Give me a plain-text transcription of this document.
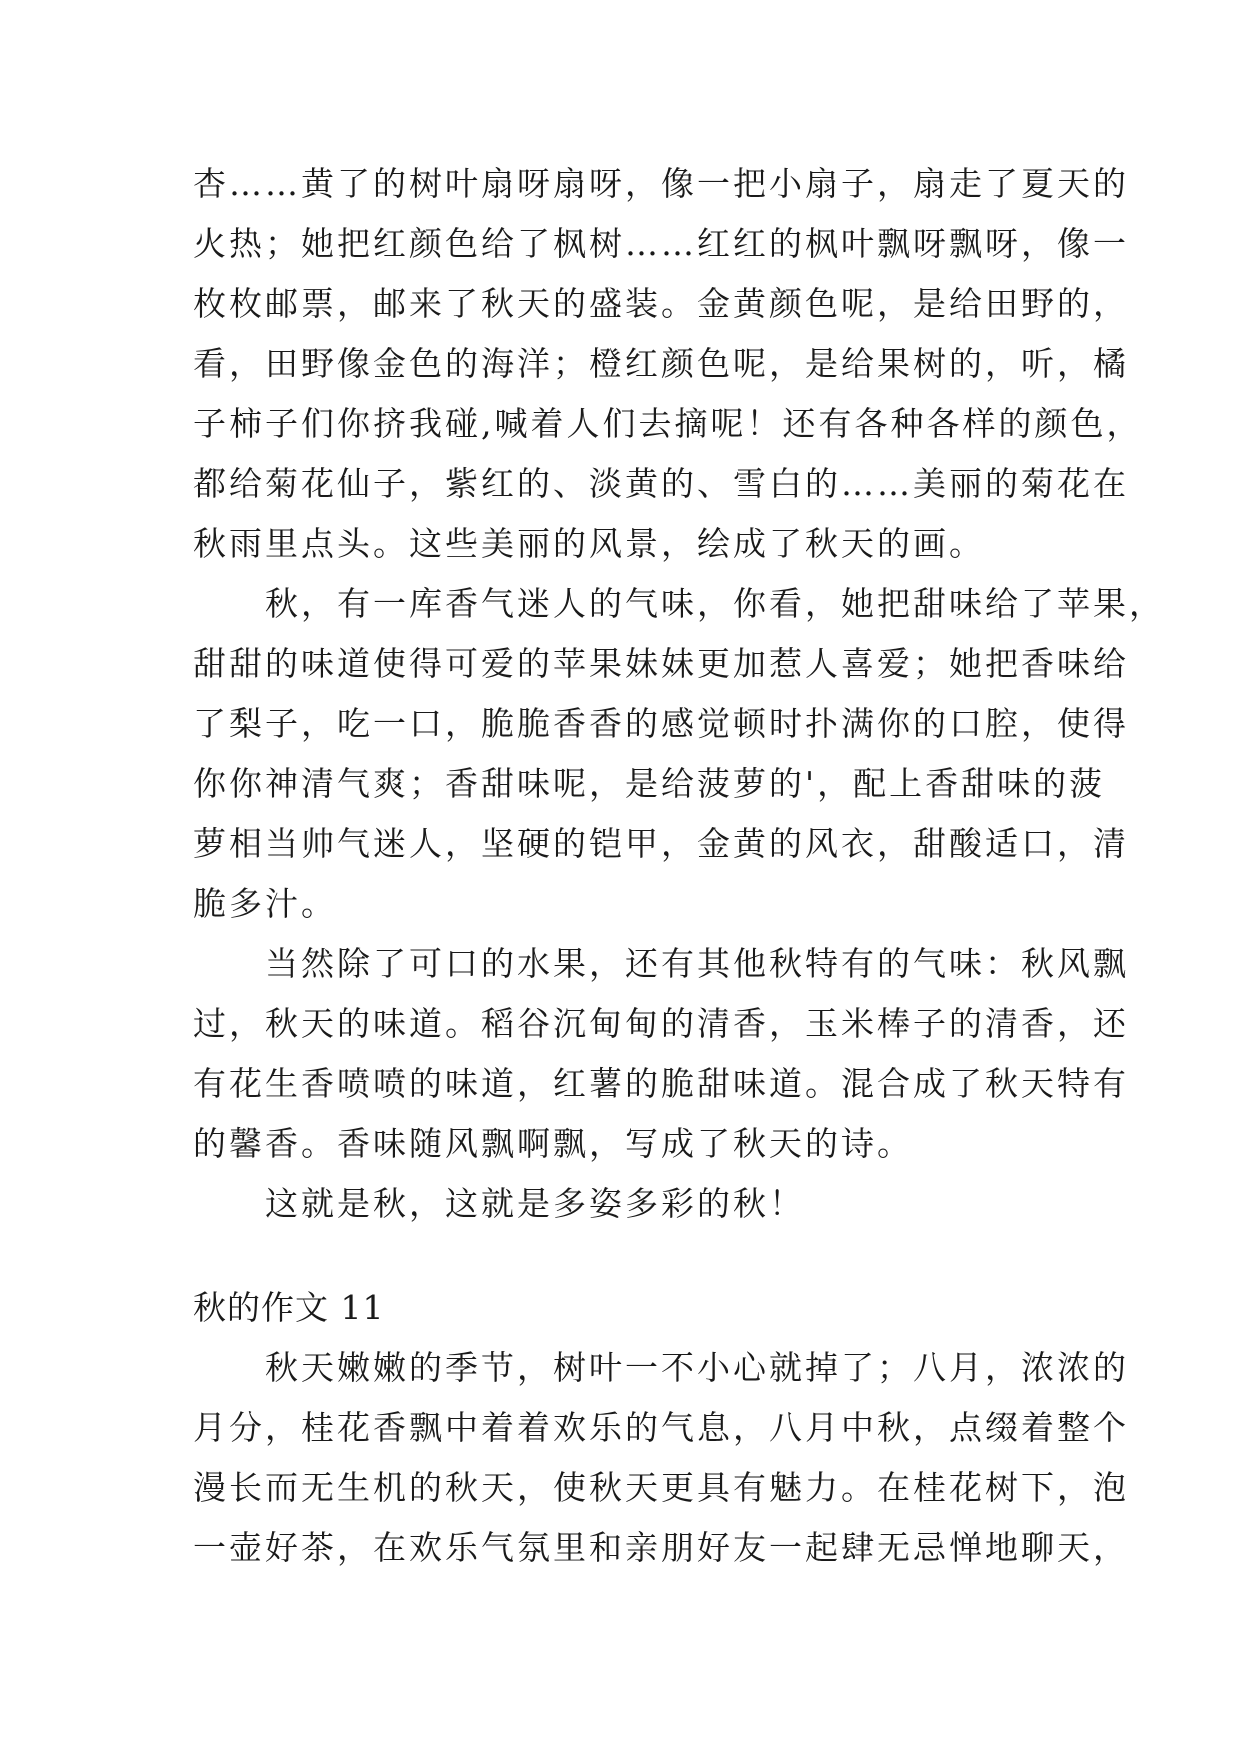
杏……黄了的树叶扇呀扇呀，像一把小扇子，扇走了夏天的
火热；她把红颜色给了枫树……红红的枫叶飘呀飘呀，像一
枚枚邮票，邮来了秋天的盛装。金黄颜色呢，是给田野的，
看，田野像金色的海洋；橙红颜色呢，是给果树的，听，橘
子柿子们你挤我碰,喊着人们去摘呢！还有各种各样的颜色，
都给菊花仙子，紫红的、淡黄的、雪白的……美丽的菊花在
秋雨里点头。这些美丽的风景，绘成了秋天的画。
　　秋，有一库香气迷人的气味，你看，她把甜味给了苹果，
甜甜的味道使得可爱的苹果妹妹更加惹人喜爱；她把香味给
了梨子，吃一口，脆脆香香的感觉顿时扑满你的口腔，使得
你你神清气爽；香甜味呢，是给菠萝的'，配上香甜味的菠
萝相当帅气迷人，坚硬的铠甲，金黄的风衣，甜酸适口，清
脆多汁。
　　当然除了可口的水果，还有其他秋特有的气味：秋风飘
过，秋天的味道。稻谷沉甸甸的清香，玉米棒子的清香，还
有花生香喷喷的味道，红薯的脆甜味道。混合成了秋天特有
的馨香。香味随风飘啊飘，写成了秋天的诗。
　　这就是秋，这就是多姿多彩的秋！
秋的作文 11
　　秋天嫩嫩的季节，树叶一不小心就掉了；八月，浓浓的
月分，桂花香飘中着着欢乐的气息，八月中秋，点缀着整个
漫长而无生机的秋天，使秋天更具有魅力。在桂花树下，泡
一壶好茶，在欢乐气氛里和亲朋好友一起肆无忌惮地聊天，
